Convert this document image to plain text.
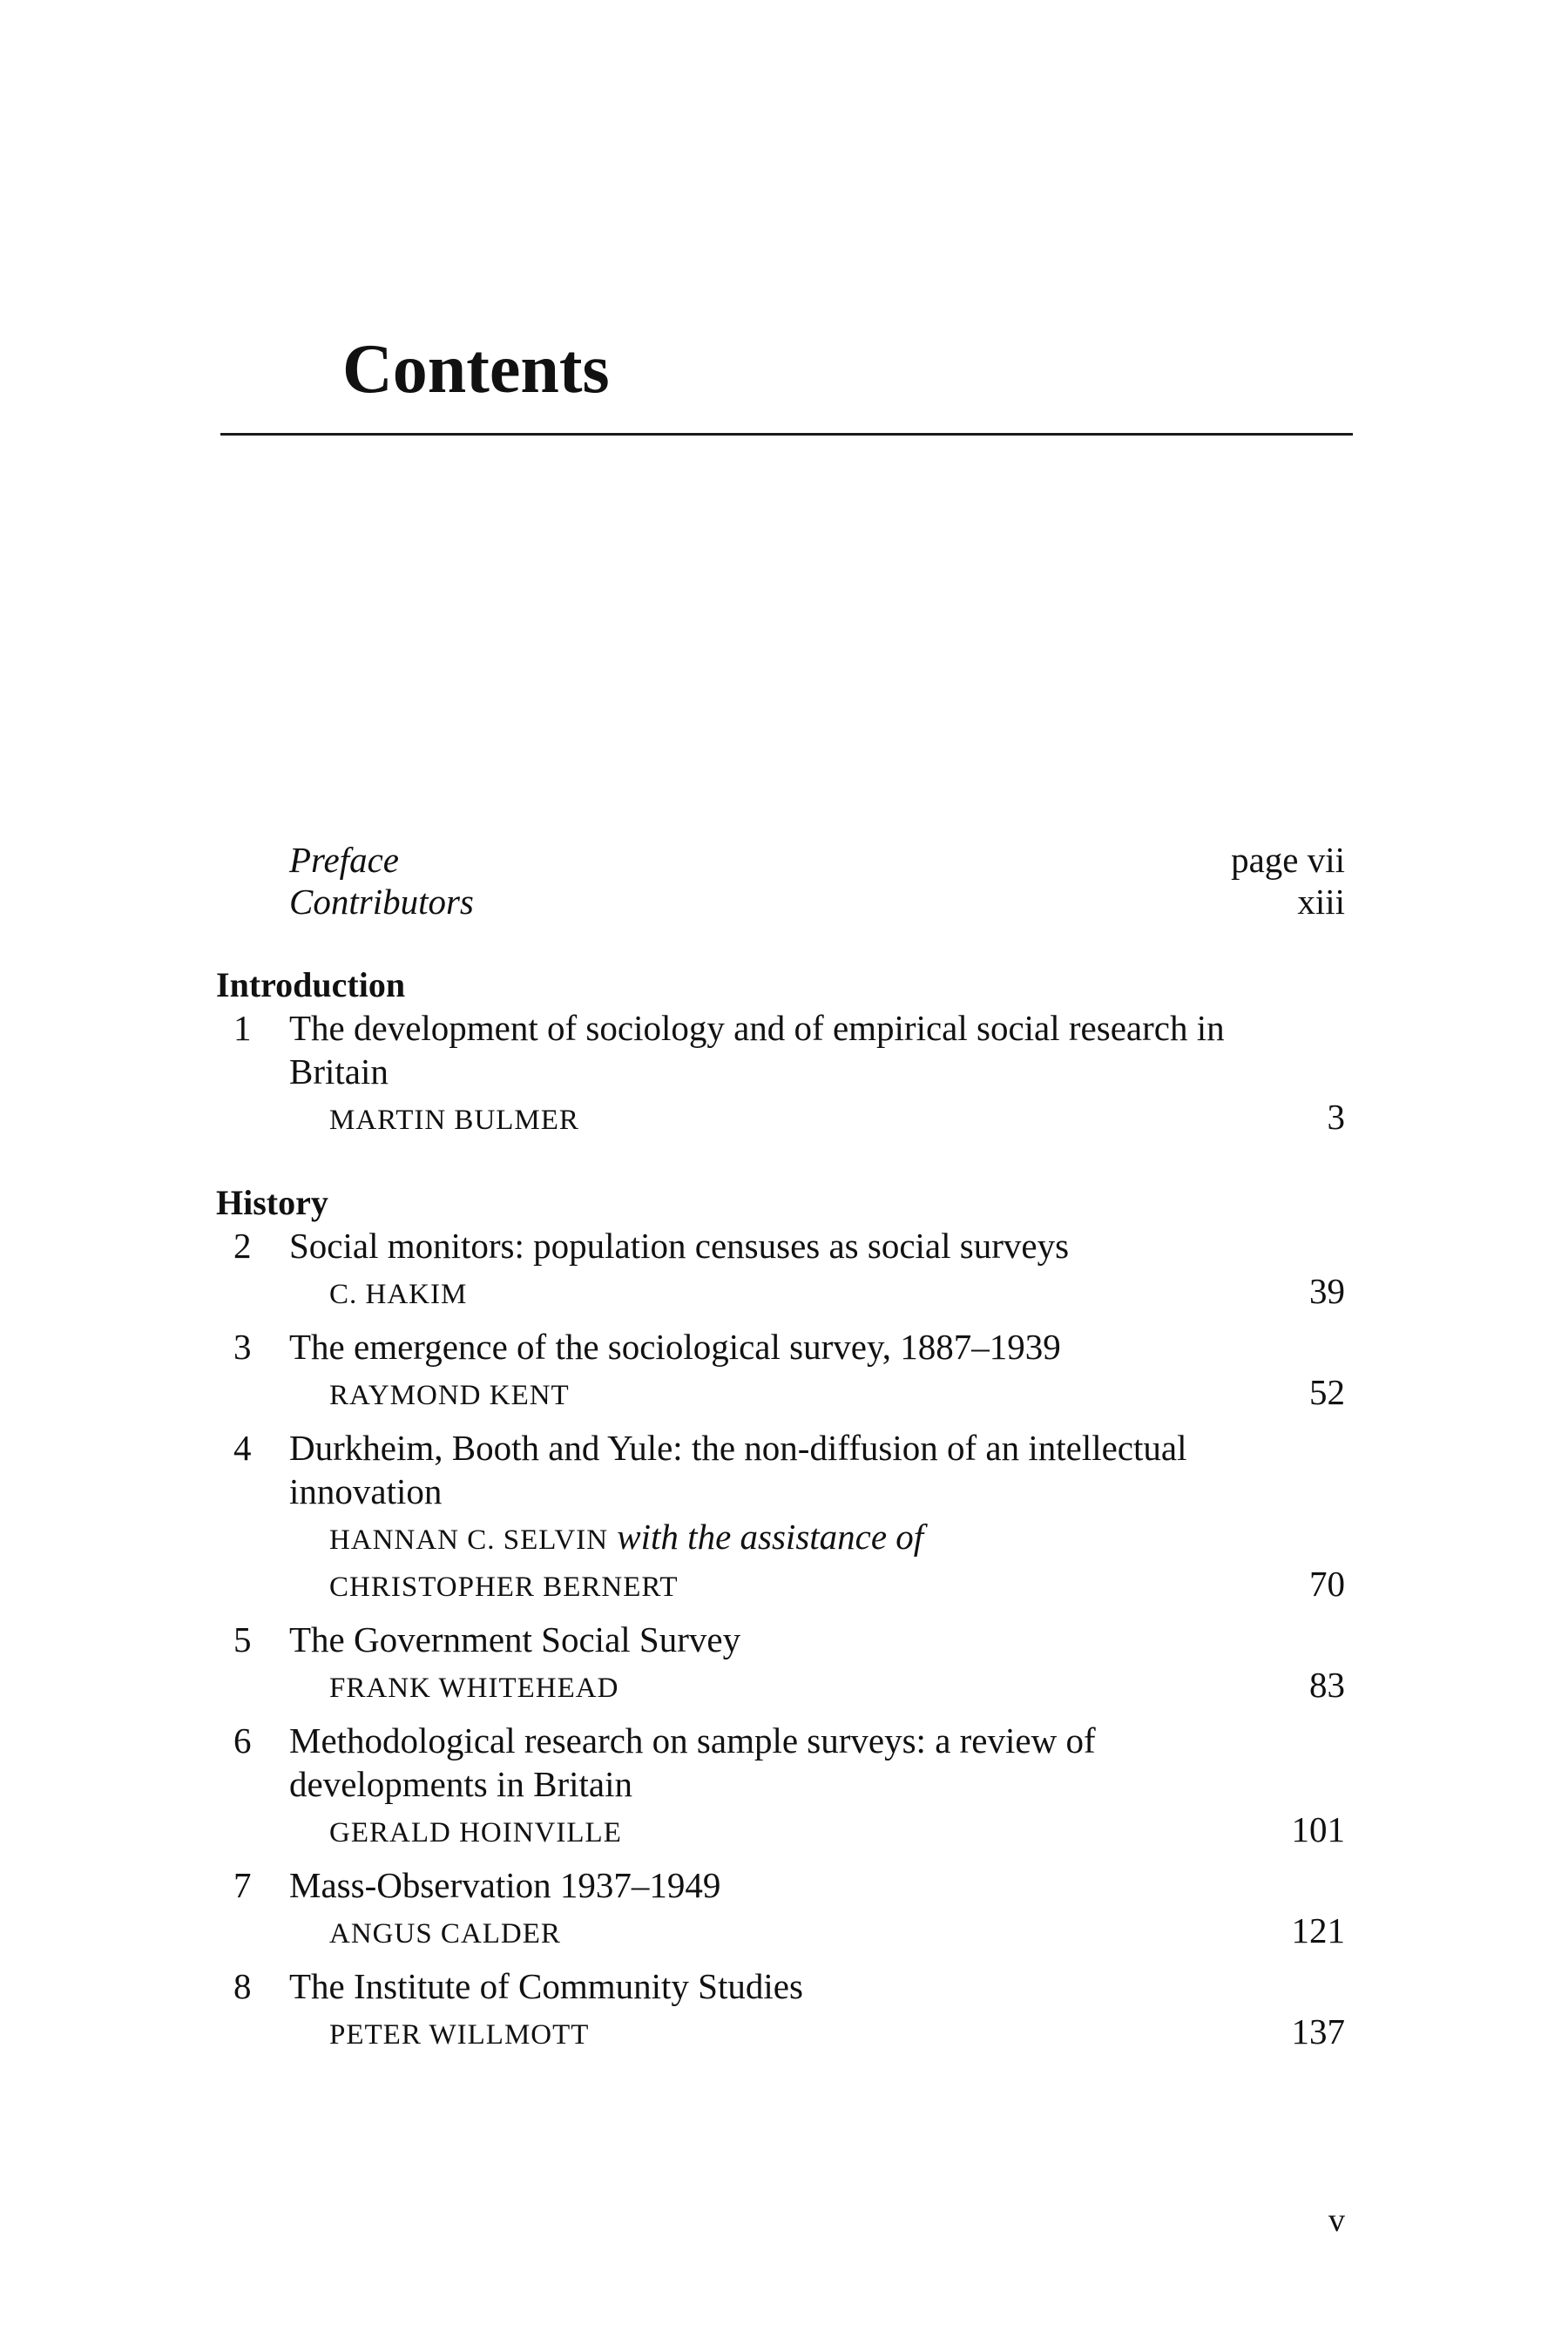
Contents
Preface	page vii
Contributors	xiii
Introduction
1 The development of sociology and of empirical social research in Britain
MARTIN BULMER	3
History
2 Social monitors: population censuses as social surveys
C. HAKIM	39
3 The emergence of the sociological survey, 1887–1939
RAYMOND KENT	52
4 Durkheim, Booth and Yule: the non-diffusion of an intellectual innovation
HANNAN C. SELVIN with the assistance of
CHRISTOPHER BERNERT	70
5 The Government Social Survey
FRANK WHITEHEAD	83
6 Methodological research on sample surveys: a review of developments in Britain
GERALD HOINVILLE	101
7 Mass-Observation 1937–1949
ANGUS CALDER	121
8 The Institute of Community Studies
PETER WILLMOTT	137
v
